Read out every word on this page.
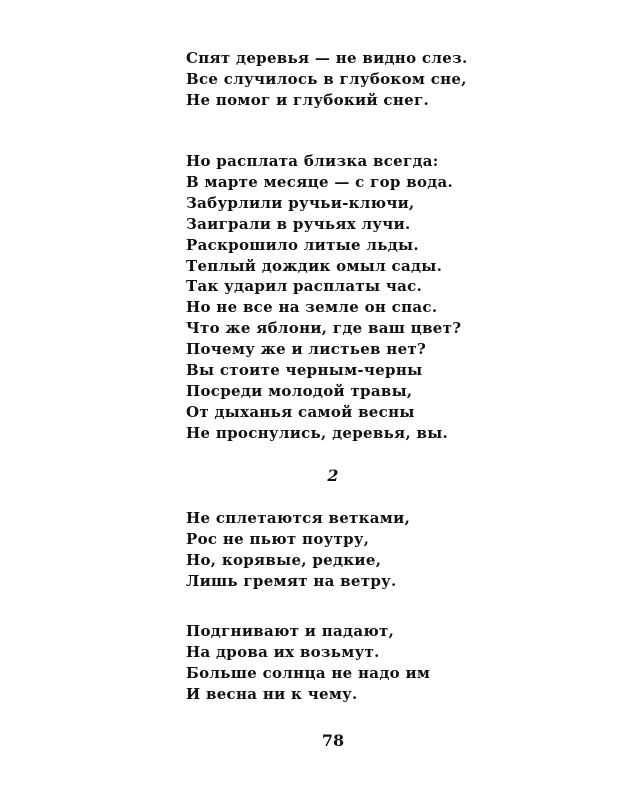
Спят деревья — не видно слез.
Все случилось в глубоком сне,
Не помог и глубокий снег.
Но расплата близка всегда:
В марте месяце — с гор вода.
Забурлили ручьи-ключи,
Заиграли в ручьях лучи.
Раскрошило литые льды.
Теплый дождик омыл сады.
Так ударил расплаты час.
Но не все на земле он спас.
Что же яблони, где ваш цвет?
Почему же и листьев нет?
Вы стоите черным-черны
Посреди молодой травы,
От дыханья самой весны
Не проснулись, деревья, вы.
2
Не сплетаются ветками,
Рос не пьют поутру,
Но, корявые, редкие,
Лишь гремят на ветру.
Подгнивают и падают,
На дрова их возьмут.
Больше солнца не надо им
И весна ни к чему.
78
